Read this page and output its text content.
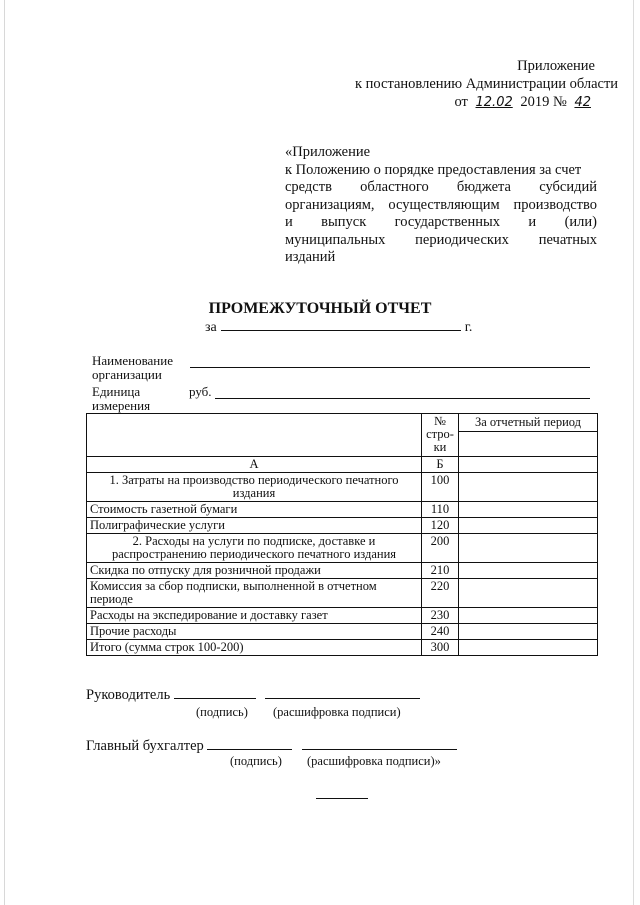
Приложение
к постановлению Администрации области
от 12.02 2019 № 42
«Приложение
к Положению о порядке предоставления за счет
средств областного бюджета субсидий
организациям, осуществляющим производство
и выпуск государственных и (или)
муниципальных периодических печатных
изданий
ПРОМЕЖУТОЧНЫЙ ОТЧЕТ
за	г.
Наименование
организации
Единица
измерения
руб.
	№ стро-ки	За отчетный период

А	Б	
1. Затраты на производство периодического печатного издания	100	
Стоимость газетной бумаги	110	
Полиграфические услуги	120	
2. Расходы на услуги по подписке, доставке и распространению периодического печатного издания	200	
Скидка по отпуску для розничной продажи	210	
Комиссия за сбор подписки, выполненной в отчетном периоде	220	
Расходы на экспедирование и доставку газет	230	
Прочие расходы	240	
Итого (сумма строк 100-200)	300	
Руководитель
(подпись) (расшифровка подписи)
Главный бухгалтер
(подпись) (расшифровка подписи)»
